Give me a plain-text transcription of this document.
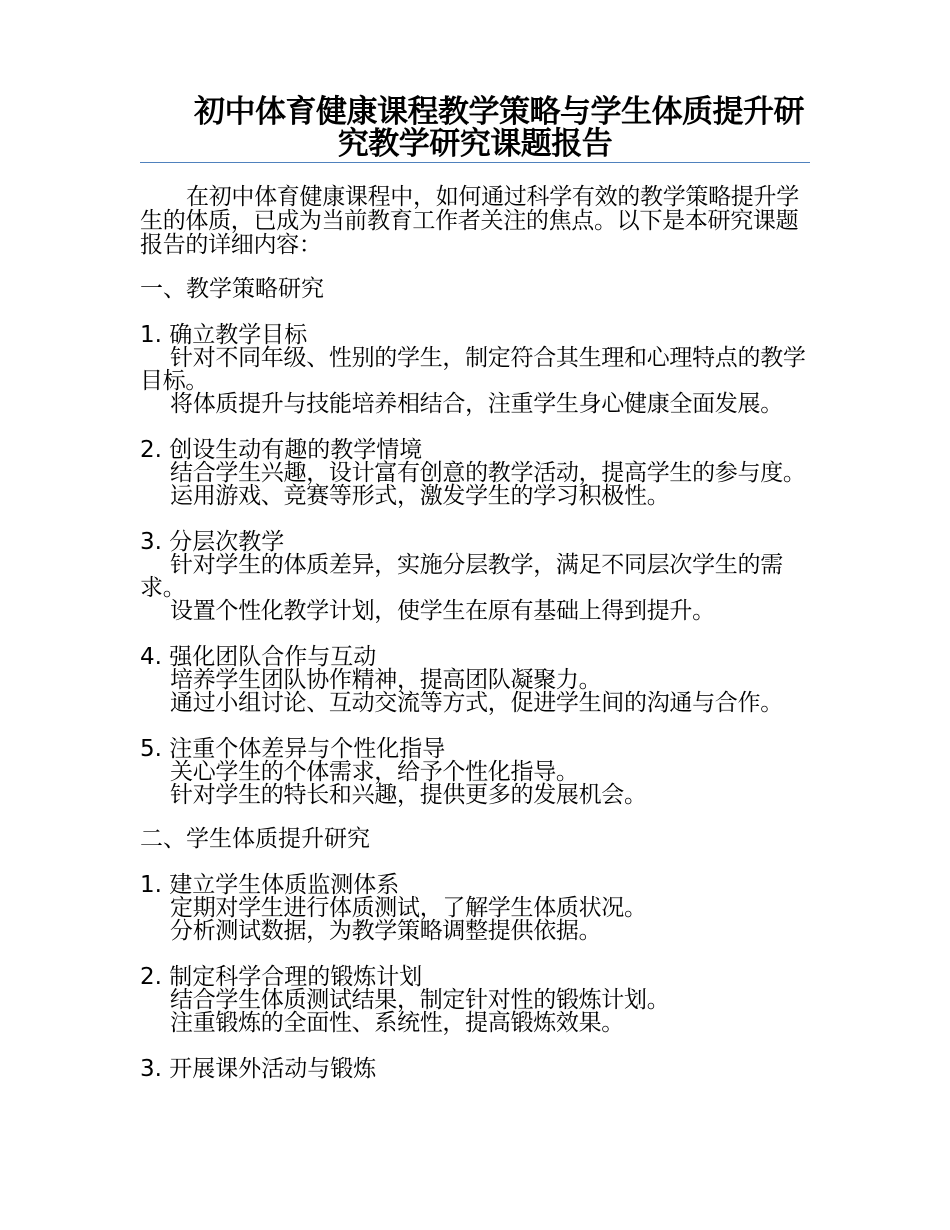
初中体育健康课程教学策略与学生体质提升研究教学研究课题报告

在初中体育健康课程中，如何通过科学有效的教学策略提升学生的体质，已成为当前教育工作者关注的焦点。以下是本研究课题报告的详细内容：

一、教学策略研究

1. 确立教学目标

针对不同年级、性别的学生，制定符合其生理和心理特点的教学目标。

将体质提升与技能培养相结合，注重学生身心健康全面发展。

2. 创设生动有趣的教学情境

结合学生兴趣，设计富有创意的教学活动，提高学生的参与度。

运用游戏、竞赛等形式，激发学生的学习积极性。

3. 分层次教学

针对学生的体质差异，实施分层教学，满足不同层次学生的需求。

设置个性化教学计划，使学生在原有基础上得到提升。

4. 强化团队合作与互动

培养学生团队协作精神，提高团队凝聚力。

通过小组讨论、互动交流等方式，促进学生间的沟通与合作。

5. 注重个体差异与个性化指导

关心学生的个体需求，给予个性化指导。

针对学生的特长和兴趣，提供更多的发展机会。

二、学生体质提升研究

1. 建立学生体质监测体系

定期对学生进行体质测试，了解学生体质状况。

分析测试数据，为教学策略调整提供依据。

2. 制定科学合理的锻炼计划

结合学生体质测试结果，制定针对性的锻炼计划。

注重锻炼的全面性、系统性，提高锻炼效果。

3. 开展课外活动与锻炼
